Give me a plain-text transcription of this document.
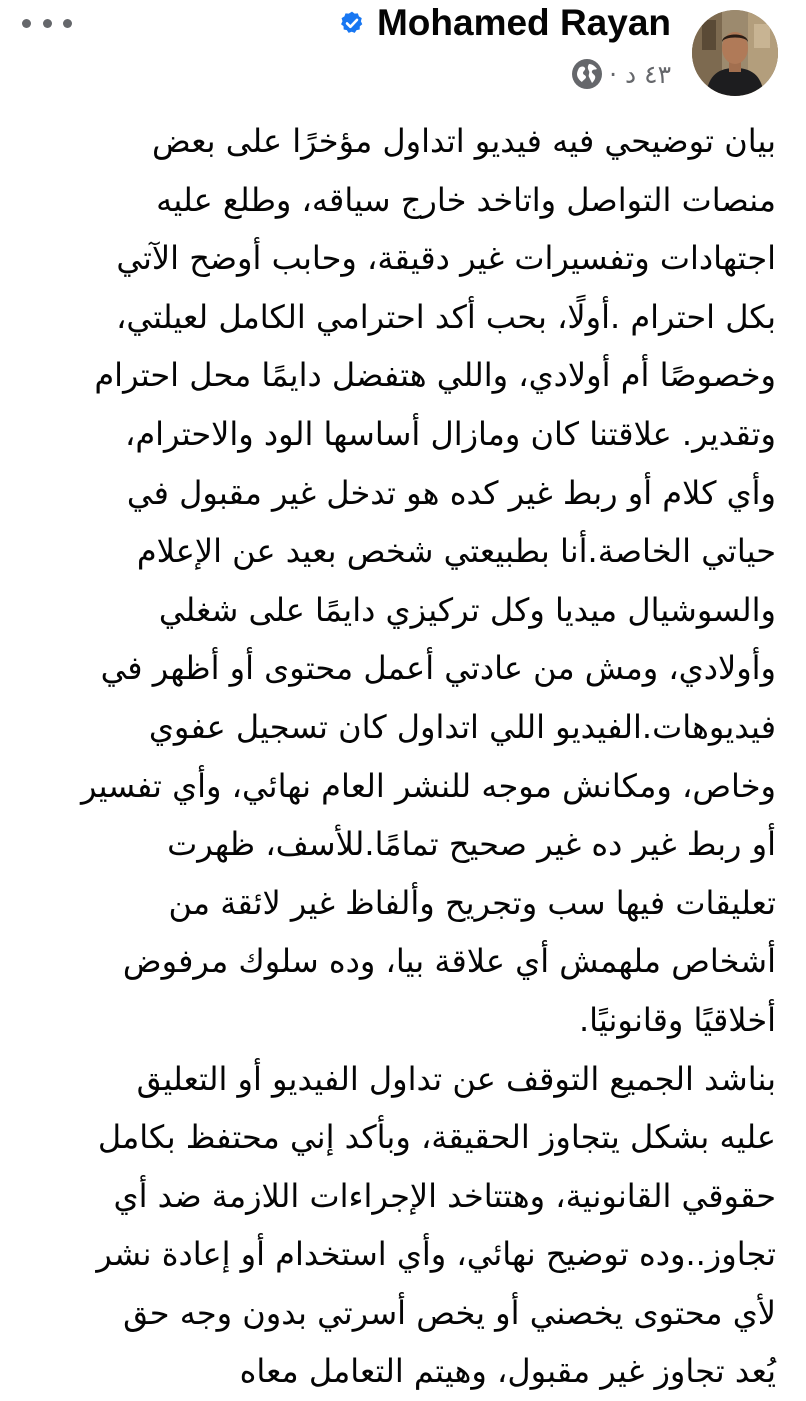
Mohamed Rayan
٤٣ د ·

بيان توضيحي فيه فيديو اتداول مؤخرًا على بعض
منصات التواصل واتاخد خارج سياقه، وطلع عليه
اجتهادات وتفسيرات غير دقيقة، وحابب أوضح الآتي
بكل احترام .أولًا، بحب أكد احترامي الكامل لعيلتي،
وخصوصًا أم أولادي، واللي هتفضل دايمًا محل احترام
وتقدير. علاقتنا كان ومازال أساسها الود والاحترام،
وأي كلام أو ربط غير كده هو تدخل غير مقبول في
حياتي الخاصة.أنا بطبيعتي شخص بعيد عن الإعلام
والسوشيال ميديا وكل تركيزي دايمًا على شغلي
وأولادي، ومش من عادتي أعمل محتوى أو أظهر في
فيديوهات.الفيديو اللي اتداول كان تسجيل عفوي
وخاص، ومكانش موجه للنشر العام نهائي، وأي تفسير
أو ربط غير ده غير صحيح تمامًا.للأسف، ظهرت
تعليقات فيها سب وتجريح وألفاظ غير لائقة من
أشخاص ملهمش أي علاقة بيا، وده سلوك مرفوض
أخلاقيًا وقانونيًا.

بناشد الجميع التوقف عن تداول الفيديو أو التعليق
عليه بشكل يتجاوز الحقيقة، وبأكد إني محتفظ بكامل
حقوقي القانونية، وهتتاخد الإجراءات اللازمة ضد أي
تجاوز..وده توضيح نهائي، وأي استخدام أو إعادة نشر
لأي محتوى يخصني أو يخص أسرتي بدون وجه حق
يُعد تجاوز غير مقبول، وهيتم التعامل معاه
